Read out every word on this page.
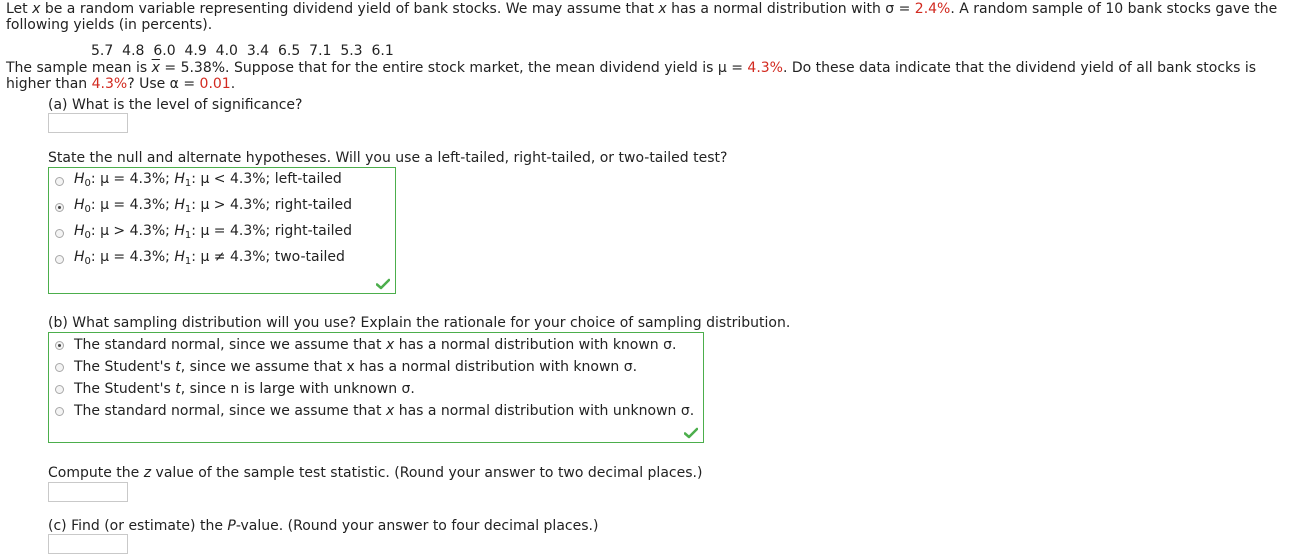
Let x be a random variable representing dividend yield of bank stocks. We may assume that x has a normal distribution with σ = 2.4%. A random sample of 10 bank stocks gave the
following yields (in percents).
5.7  4.8  6.0  4.9  4.0  3.4  6.5  7.1  5.3  6.1
The sample mean is $\overline{x} = 5.38\%$. Suppose that for the entire stock market, the mean dividend yield is μ = 4.3%. Do these data indicate that the dividend yield of all bank stocks is
higher than 4.3%? Use α = 0.01.
(a) What is the level of significance?
State the null and alternate hypotheses. Will you use a left-tailed, right-tailed, or two-tailed test?
$H_0$: μ = 4.3%; $H_1$: μ < 4.3%; left-tailed
$H_0$: μ = 4.3%; $H_1$: μ > 4.3%; right-tailed
$H_0$: μ > 4.3%; $H_1$: μ = 4.3%; right-tailed
$H_0$: μ = 4.3%; $H_1$: μ ≠ 4.3%; two-tailed
(b) What sampling distribution will you use? Explain the rationale for your choice of sampling distribution.
The standard normal, since we assume that x has a normal distribution with known σ.
The Student's t, since we assume that x has a normal distribution with known σ.
The Student's t, since n is large with unknown σ.
The standard normal, since we assume that x has a normal distribution with unknown σ.
Compute the z value of the sample test statistic. (Round your answer to two decimal places.)
(c) Find (or estimate) the P-value. (Round your answer to four decimal places.)
